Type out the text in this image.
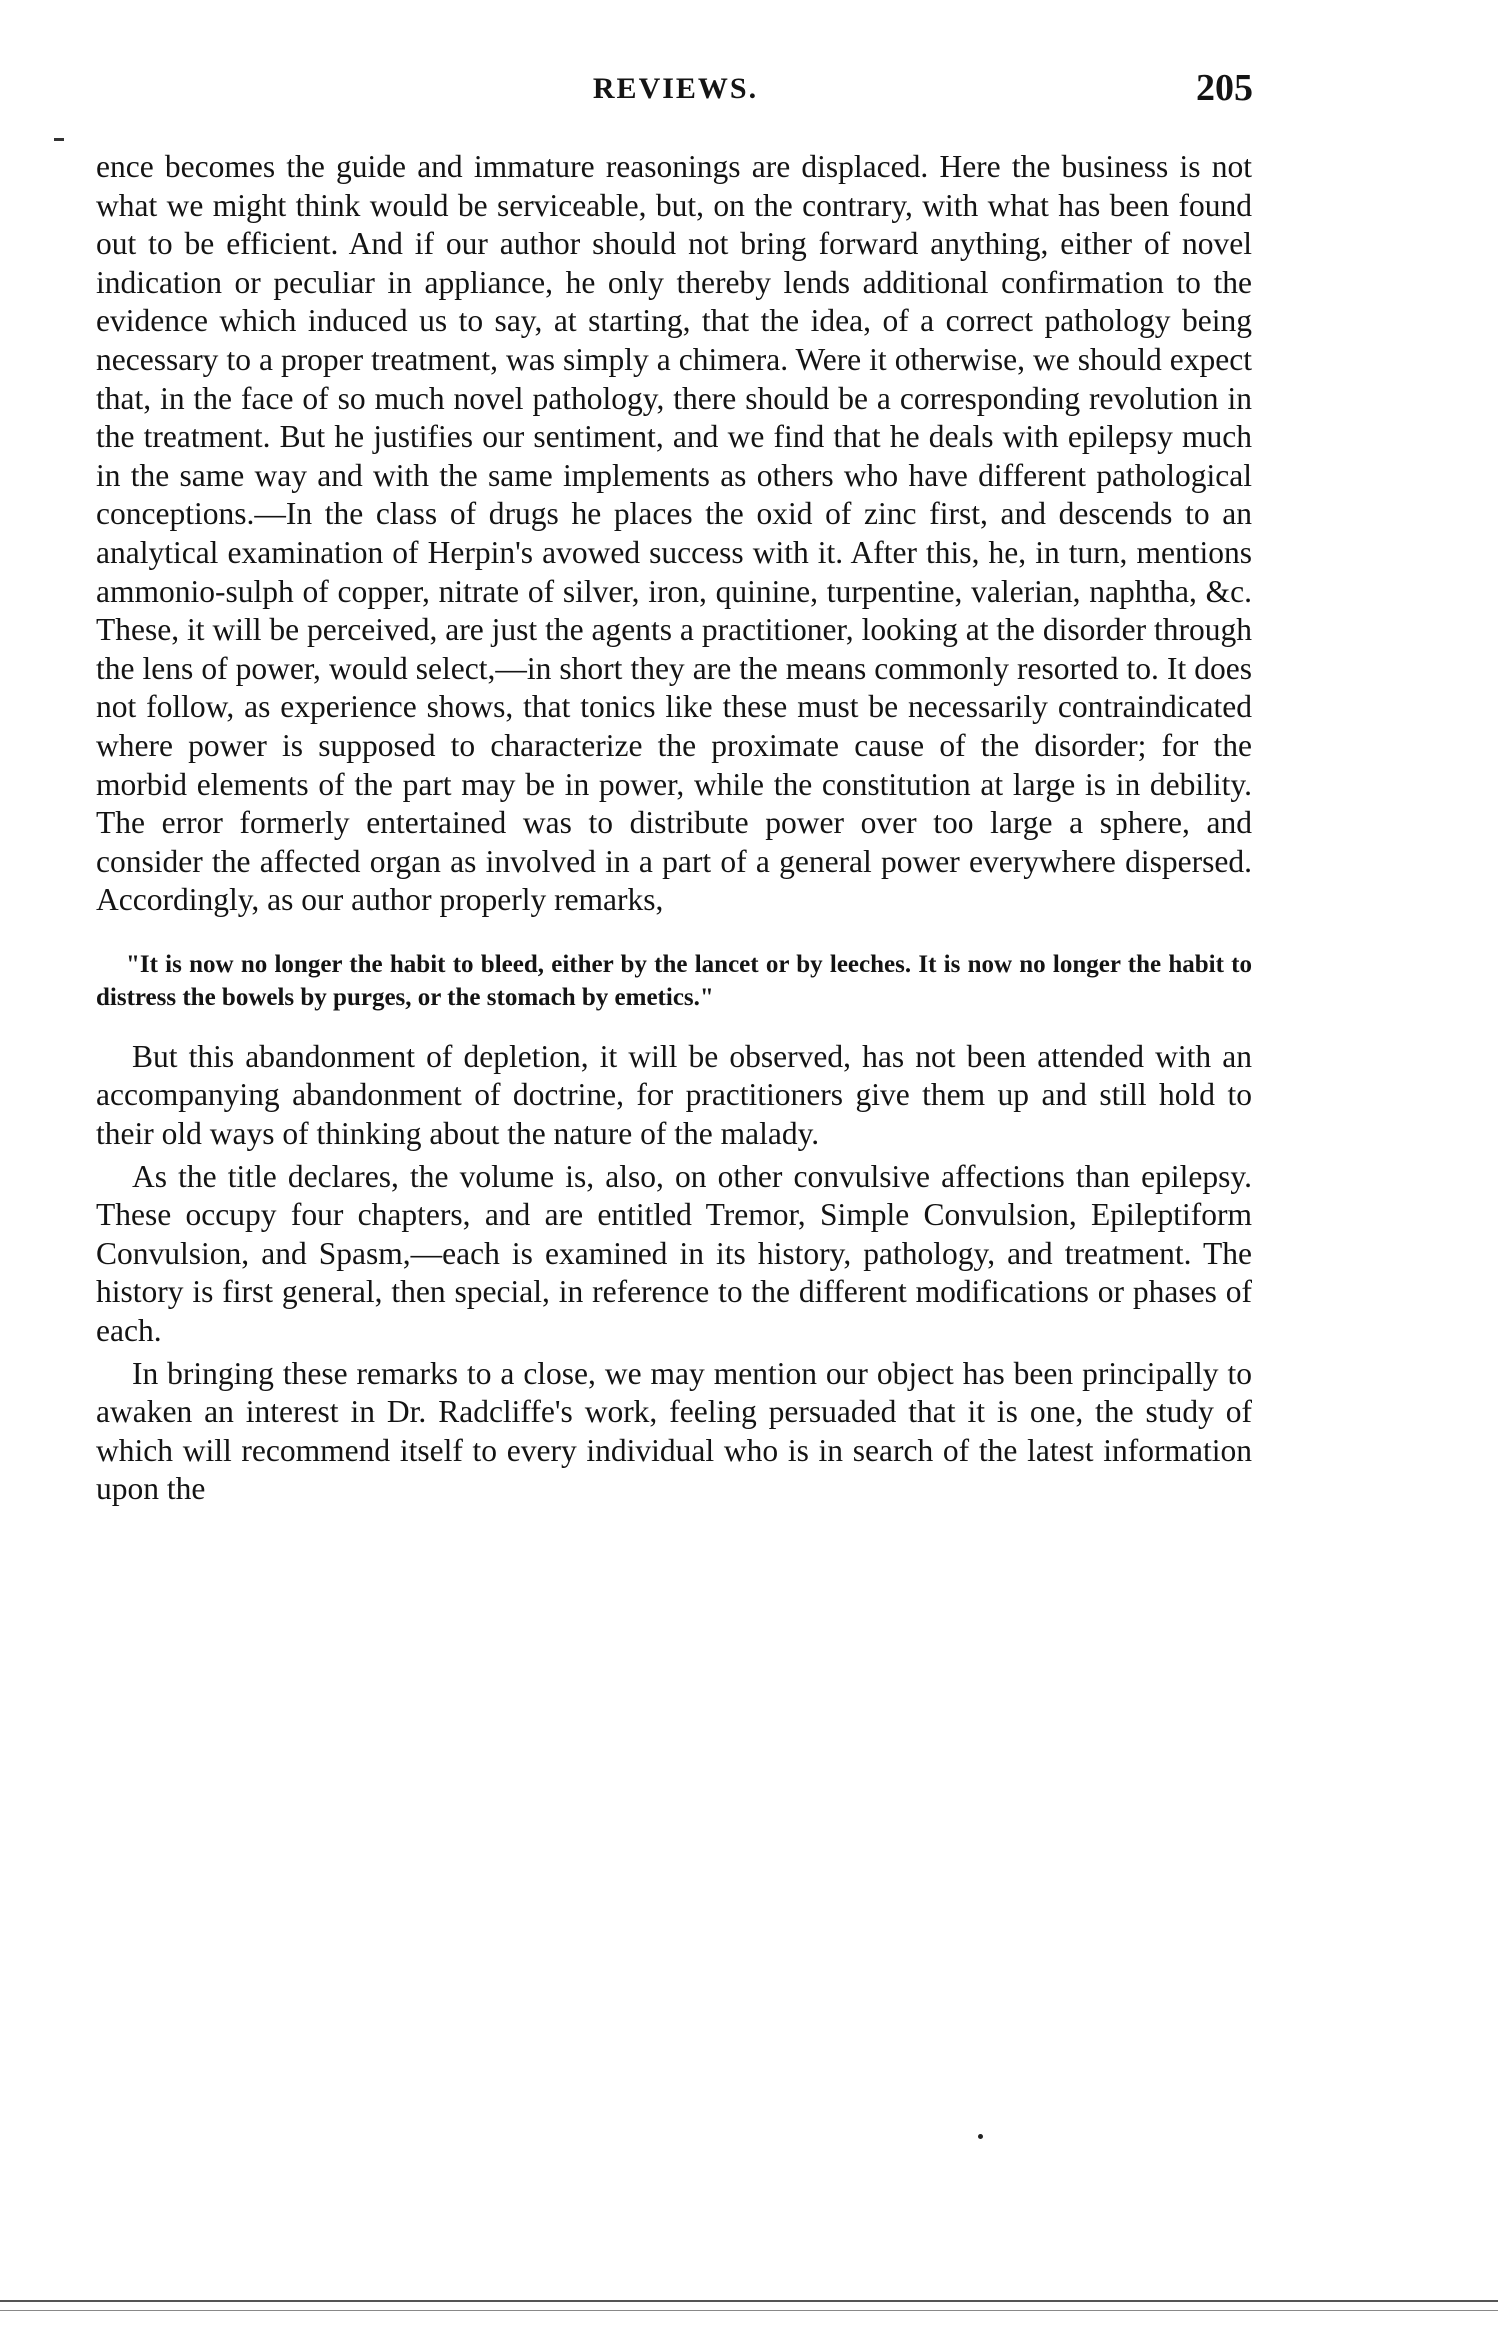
REVIEWS.	205

ence becomes the guide and immature reasonings are displaced. Here the business is not what we might think would be serviceable, but, on the contrary, with what has been found out to be efficient. And if our author should not bring forward anything, either of novel indication or peculiar in appliance, he only thereby lends additional confirmation to the evidence which induced us to say, at starting, that the idea, of a correct pathology being necessary to a proper treatment, was simply a chimera. Were it otherwise, we should expect that, in the face of so much novel pathology, there should be a corresponding revolution in the treatment. But he justifies our sentiment, and we find that he deals with epilepsy much in the same way and with the same implements as others who have different pathological conceptions.—In the class of drugs he places the oxid of zinc first, and descends to an analytical examination of Herpin's avowed success with it. After this, he, in turn, mentions ammonio-sulph of copper, nitrate of silver, iron, quinine, turpentine, valerian, naphtha, &c. These, it will be perceived, are just the agents a practitioner, looking at the disorder through the lens of power, would select,—in short they are the means commonly resorted to. It does not follow, as experience shows, that tonics like these must be necessarily contraindicated where power is supposed to characterize the proximate cause of the disorder; for the morbid elements of the part may be in power, while the constitution at large is in debility. The error formerly entertained was to distribute power over too large a sphere, and consider the affected organ as involved in a part of a general power everywhere dispersed. Accordingly, as our author properly remarks,

"It is now no longer the habit to bleed, either by the lancet or by leeches. It is now no longer the habit to distress the bowels by purges, or the stomach by emetics."

But this abandonment of depletion, it will be observed, has not been attended with an accompanying abandonment of doctrine, for practitioners give them up and still hold to their old ways of thinking about the nature of the malady.

As the title declares, the volume is, also, on other convulsive affections than epilepsy. These occupy four chapters, and are entitled Tremor, Simple Convulsion, Epileptiform Convulsion, and Spasm,—each is examined in its history, pathology, and treatment. The history is first general, then special, in reference to the different modifications or phases of each.

In bringing these remarks to a close, we may mention our object has been principally to awaken an interest in Dr. Radcliffe's work, feeling persuaded that it is one, the study of which will recommend itself to every individual who is in search of the latest information upon the
